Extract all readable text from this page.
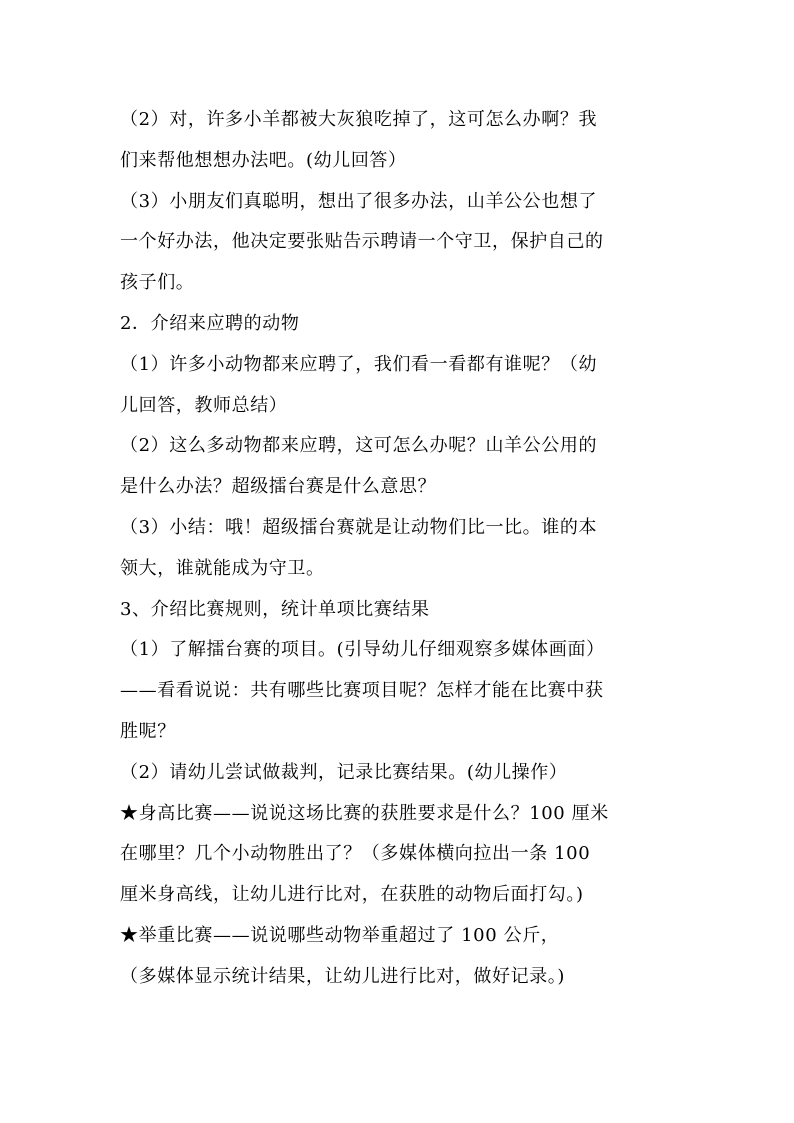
（2）对，许多小羊都被大灰狼吃掉了，这可怎么办啊？我
们来帮他想想办法吧。(幼儿回答）
（3）小朋友们真聪明，想出了很多办法，山羊公公也想了
一个好办法，他决定要张贴告示聘请一个守卫，保护自己的
孩子们。
2．介绍来应聘的动物
（1）许多小动物都来应聘了，我们看一看都有谁呢？（幼
儿回答，教师总结）
（2）这么多动物都来应聘，这可怎么办呢？山羊公公用的
是什么办法？超级擂台赛是什么意思？
（3）小结：哦！超级擂台赛就是让动物们比一比。谁的本
领大，谁就能成为守卫。
3、介绍比赛规则，统计单项比赛结果
（1）了解擂台赛的项目。(引导幼儿仔细观察多媒体画面）
——看看说说：共有哪些比赛项目呢？怎样才能在比赛中获
胜呢？
（2）请幼儿尝试做裁判，记录比赛结果。(幼儿操作）
★身高比赛——说说这场比赛的获胜要求是什么？100 厘米
在哪里？几个小动物胜出了？（多媒体横向拉出一条 100
厘米身高线，让幼儿进行比对，在获胜的动物后面打勾。)
★举重比赛——说说哪些动物举重超过了 100 公斤，
（多媒体显示统计结果，让幼儿进行比对，做好记录。)
